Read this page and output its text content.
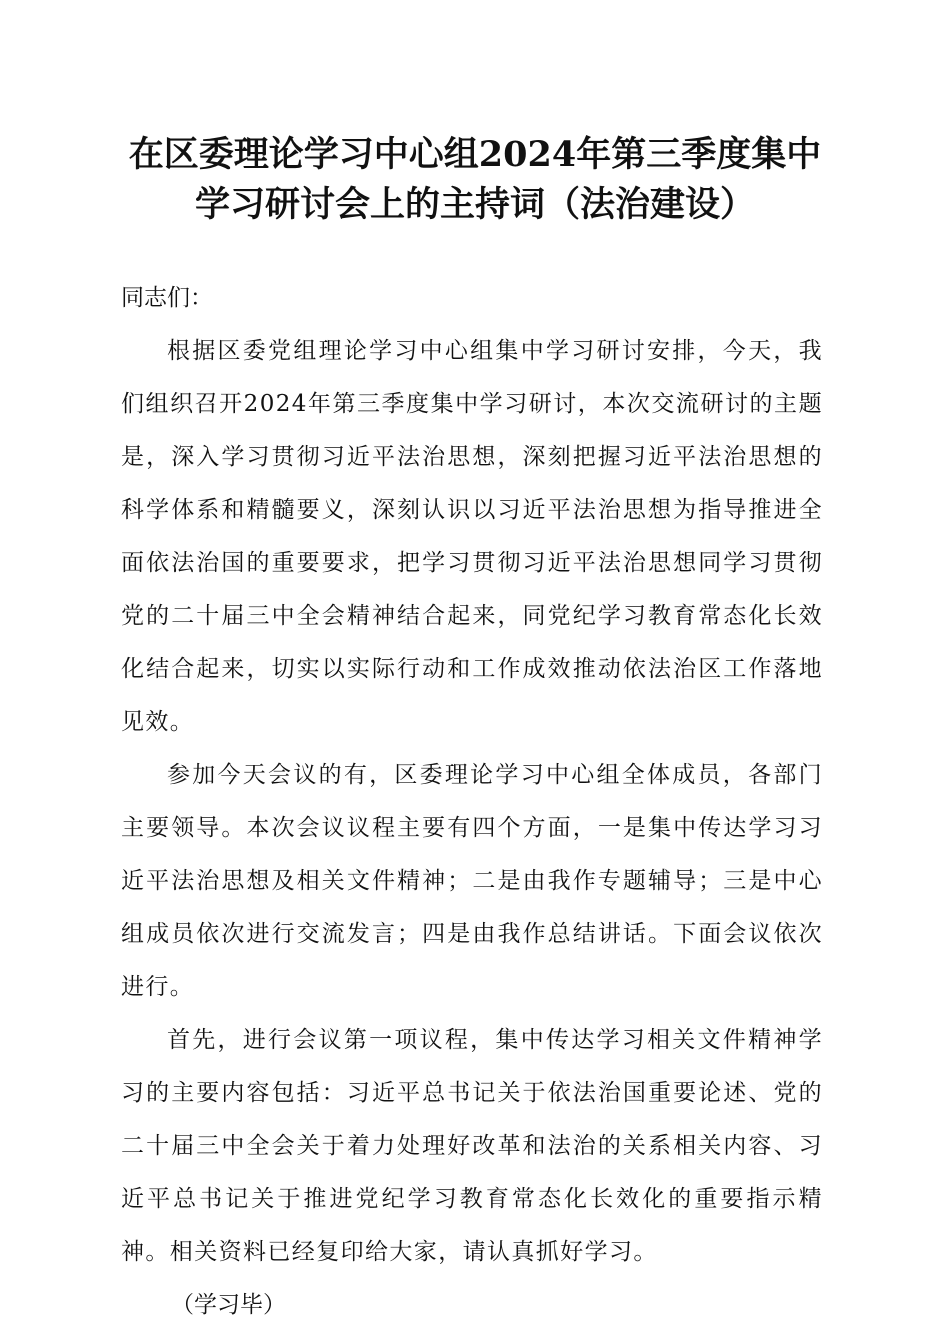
在区委理论学习中心组2024年第三季度集中
学习研讨会上的主持词（法治建设）

同志们：

根据区委党组理论学习中心组集中学习研讨安排，今天，我们组织召开2024年第三季度集中学习研讨，本次交流研讨的主题是，深入学习贯彻习近平法治思想，深刻把握习近平法治思想的科学体系和精髓要义，深刻认识以习近平法治思想为指导推进全面依法治国的重要要求，把学习贯彻习近平法治思想同学习贯彻党的二十届三中全会精神结合起来，同党纪学习教育常态化长效化结合起来，切实以实际行动和工作成效推动依法治区工作落地见效。

参加今天会议的有，区委理论学习中心组全体成员，各部门主要领导。本次会议议程主要有四个方面，一是集中传达学习习近平法治思想及相关文件精神；二是由我作专题辅导；三是中心组成员依次进行交流发言；四是由我作总结讲话。下面会议依次进行。

首先，进行会议第一项议程，集中传达学习相关文件精神学习的主要内容包括：习近平总书记关于依法治国重要论述、党的二十届三中全会关于着力处理好改革和法治的关系相关内容、习近平总书记关于推进党纪学习教育常态化长效化的重要指示精神。相关资料已经复印给大家，请认真抓好学习。

（学习毕）
